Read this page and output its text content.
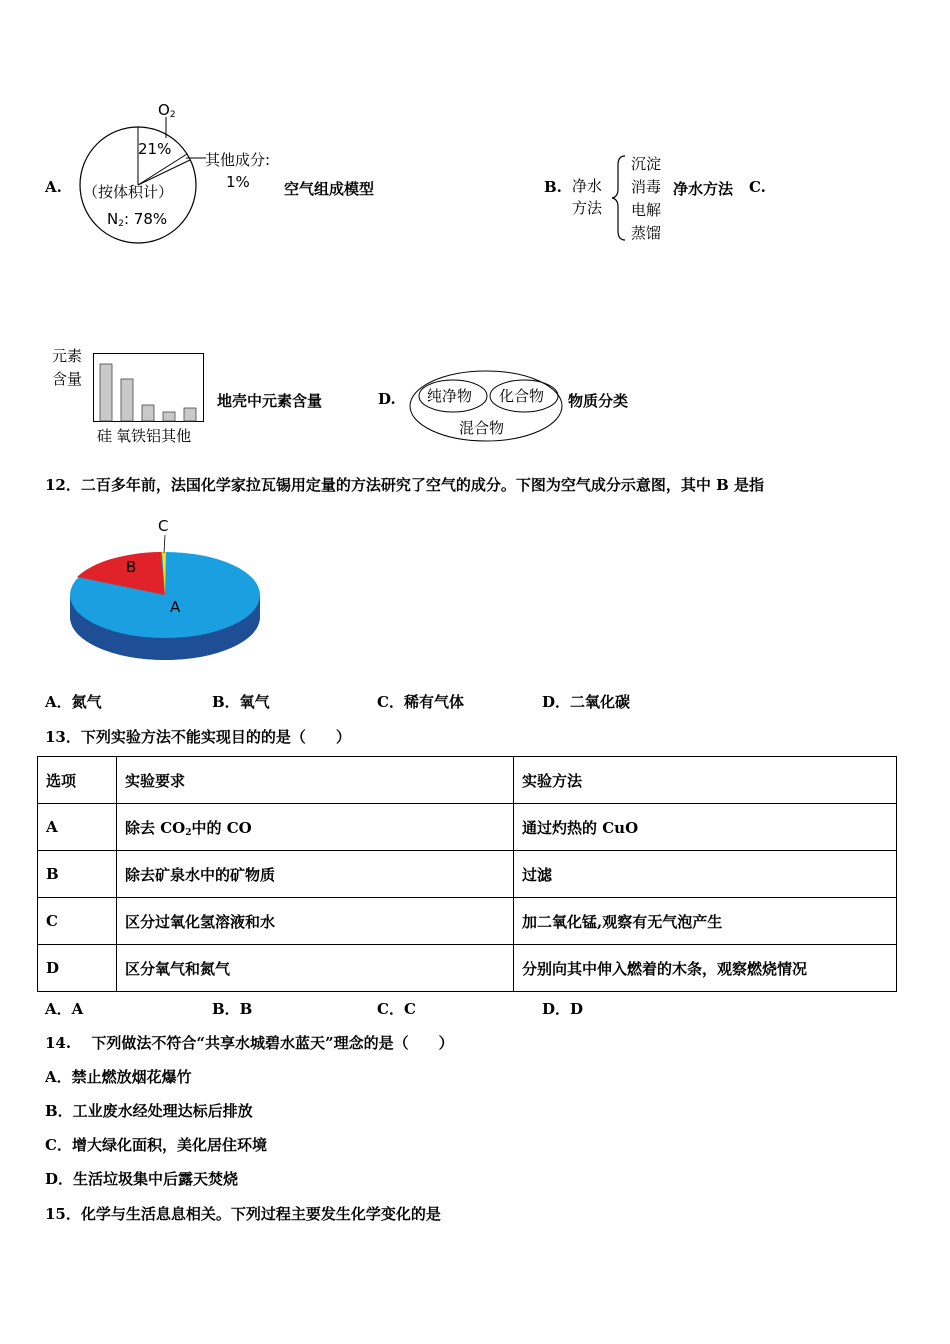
A.
$O_2$
21%
其他成分:
1%
（按体积计）
$N_2$: 78%
空气组成模型	B. 净水
方法
沉淀
消毒
电解
蒸馏
净水方法 C.
元素
含量
硅 氧铁铝其他
地壳中元素含量	D. 纯净物 化合物
混合物
物质分类
12．二百多年前，法国化学家拉瓦锡用定量的方法研究了空气的成分。下图为空气成分示意图，其中 B 是指
C
B
A
A．氮气	B．氧气	C．稀有气体	D．二氧化碳
13．下列实验方法不能实现目的的是（　　）
选项	实验要求	实验方法
A	除去 $CO_2$中的 CO	通过灼热的 CuO
B	除去矿泉水中的矿物质	过滤
C	区分过氧化氢溶液和水	加二氧化锰,观察有无气泡产生
D	区分氧气和氮气	分别向其中伸入燃着的木条，观察燃烧情况
A．A	B．B	C．C	D．D
14.　 下列做法不符合“共享水城碧水蓝天”理念的是（　　）
A．禁止燃放烟花爆竹
B．工业废水经处理达标后排放
C．增大绿化面积，美化居住环境
D．生活垃圾集中后露天焚烧
15．化学与生活息息相关。下列过程主要发生化学变化的是
